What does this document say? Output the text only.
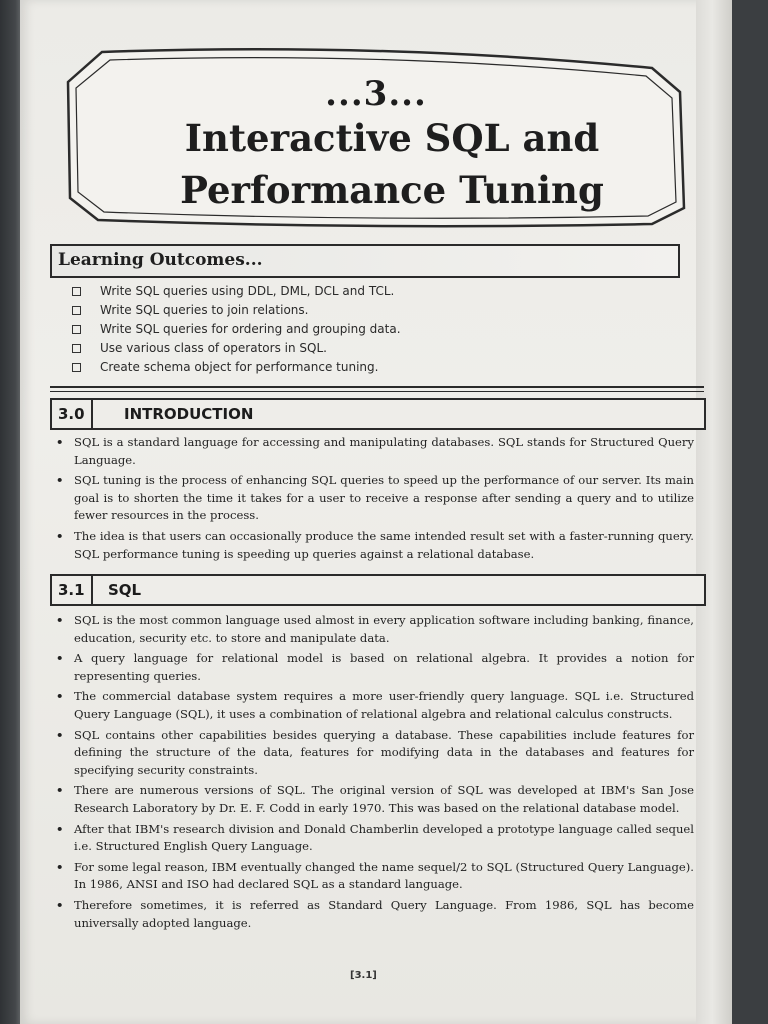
...3...
Interactive SQL and
Performance Tuning
Learning Outcomes...
Write SQL queries using DDL, DML, DCL and TCL.
Write SQL queries to join relations.
Write SQL queries for ordering and grouping data.
Use various class of operators in SQL.
Create schema object for performance tuning.
3.0	INTRODUCTION
• SQL is a standard language for accessing and manipulating databases. SQL stands for Structured Query Language.
• SQL tuning is the process of enhancing SQL queries to speed up the performance of our server. Its main goal is to shorten the time it takes for a user to receive a response after sending a query and to utilize fewer resources in the process.
• The idea is that users can occasionally produce the same intended result set with a faster-running query. SQL performance tuning is speeding up queries against a relational database.
3.1	SQL
• SQL is the most common language used almost in every application software including banking, finance, education, security etc. to store and manipulate data.
• A query language for relational model is based on relational algebra. It provides a notion for representing queries.
• The commercial database system requires a more user-friendly query language. SQL i.e. Structured Query Language (SQL), it uses a combination of relational algebra and relational calculus constructs.
• SQL contains other capabilities besides querying a database. These capabilities include features for defining the structure of the data, features for modifying data in the databases and features for specifying security constraints.
• There are numerous versions of SQL. The original version of SQL was developed at IBM's San Jose Research Laboratory by Dr. E. F. Codd in early 1970. This was based on the relational database model.
• After that IBM's research division and Donald Chamberlin developed a prototype language called sequel i.e. Structured English Query Language.
• For some legal reason, IBM eventually changed the name sequel/2 to SQL (Structured Query Language). In 1986, ANSI and ISO had declared SQL as a standard language.
• Therefore sometimes, it is referred as Standard Query Language. From 1986, SQL has become universally adopted language.
[3.1]
